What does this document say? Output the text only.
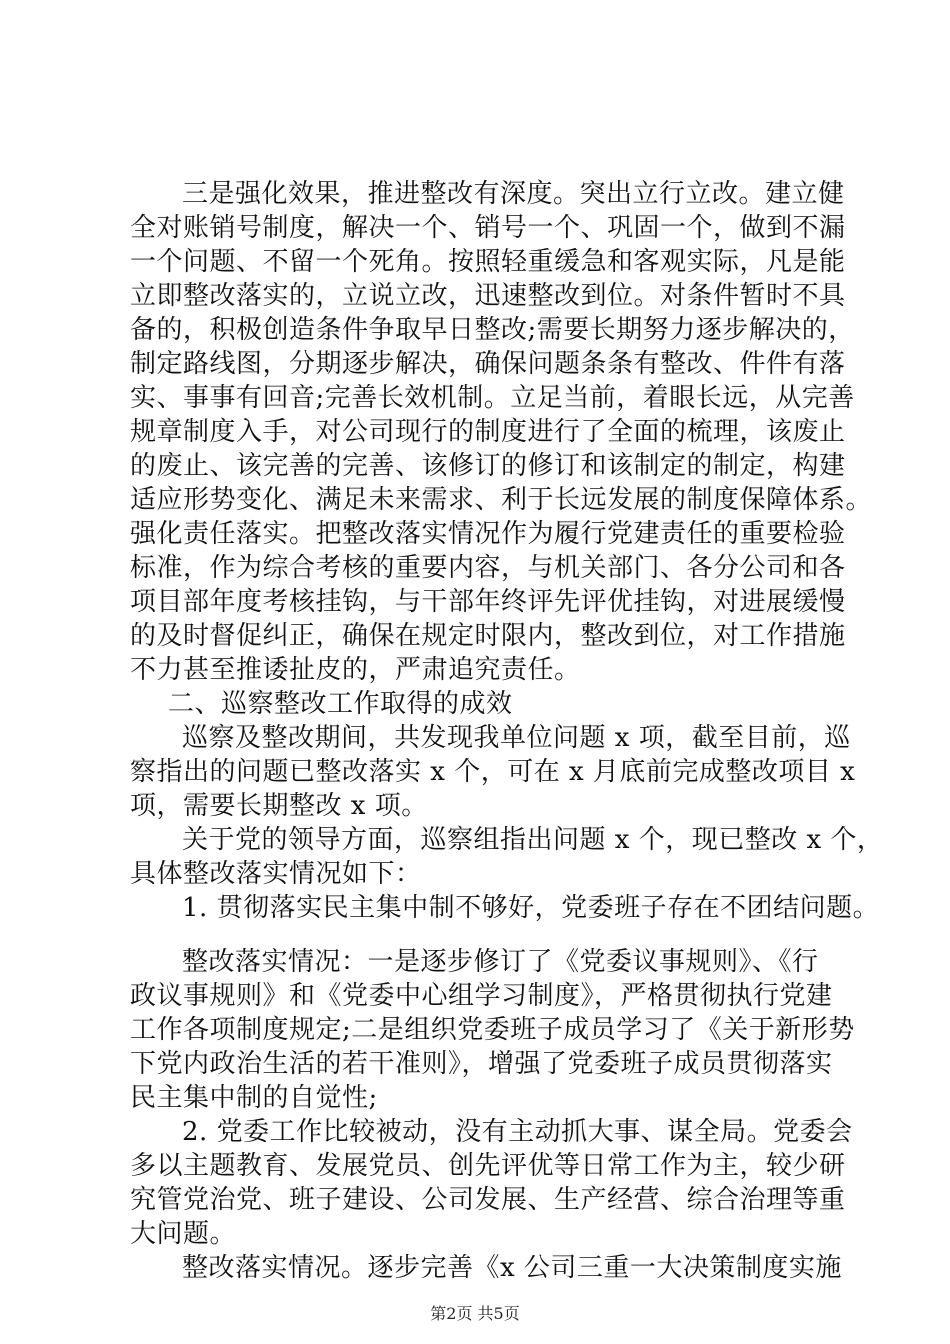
三是强化效果，推进整改有深度。突出立行立改。建立健
全对账销号制度，解决一个、销号一个、巩固一个，做到不漏
一个问题、不留一个死角。按照轻重缓急和客观实际，凡是能
立即整改落实的，立说立改，迅速整改到位。对条件暂时不具
备的，积极创造条件争取早日整改;需要长期努力逐步解决的，
制定路线图，分期逐步解决，确保问题条条有整改、件件有落
实、事事有回音;完善长效机制。立足当前，着眼长远，从完善
规章制度入手，对公司现行的制度进行了全面的梳理，该废止
的废止、该完善的完善、该修订的修订和该制定的制定，构建
适应形势变化、满足未来需求、利于长远发展的制度保障体系。
强化责任落实。把整改落实情况作为履行党建责任的重要检验
标准，作为综合考核的重要内容，与机关部门、各分公司和各
项目部年度考核挂钩，与干部年终评先评优挂钩，对进展缓慢
的及时督促纠正，确保在规定时限内，整改到位，对工作措施
不力甚至推诿扯皮的，严肃追究责任。
二、巡察整改工作取得的成效
巡察及整改期间，共发现我单位问题 x 项，截至目前，巡
察指出的问题已整改落实 x 个，可在 x 月底前完成整改项目 x
项，需要长期整改 x 项。
关于党的领导方面，巡察组指出问题 x 个，现已整改 x 个，
具体整改落实情况如下：
1. 贯彻落实民主集中制不够好，党委班子存在不团结问题。
整改落实情况：一是逐步修订了《党委议事规则》、《行
政议事规则》和《党委中心组学习制度》，严格贯彻执行党建
工作各项制度规定;二是组织党委班子成员学习了《关于新形势
下党内政治生活的若干准则》，增强了党委班子成员贯彻落实
民主集中制的自觉性;
2. 党委工作比较被动，没有主动抓大事、谋全局。党委会
多以主题教育、发展党员、创先评优等日常工作为主，较少研
究管党治党、班子建设、公司发展、生产经营、综合治理等重
大问题。
整改落实情况。逐步完善《x 公司三重一大决策制度实施
第2页 共5页
